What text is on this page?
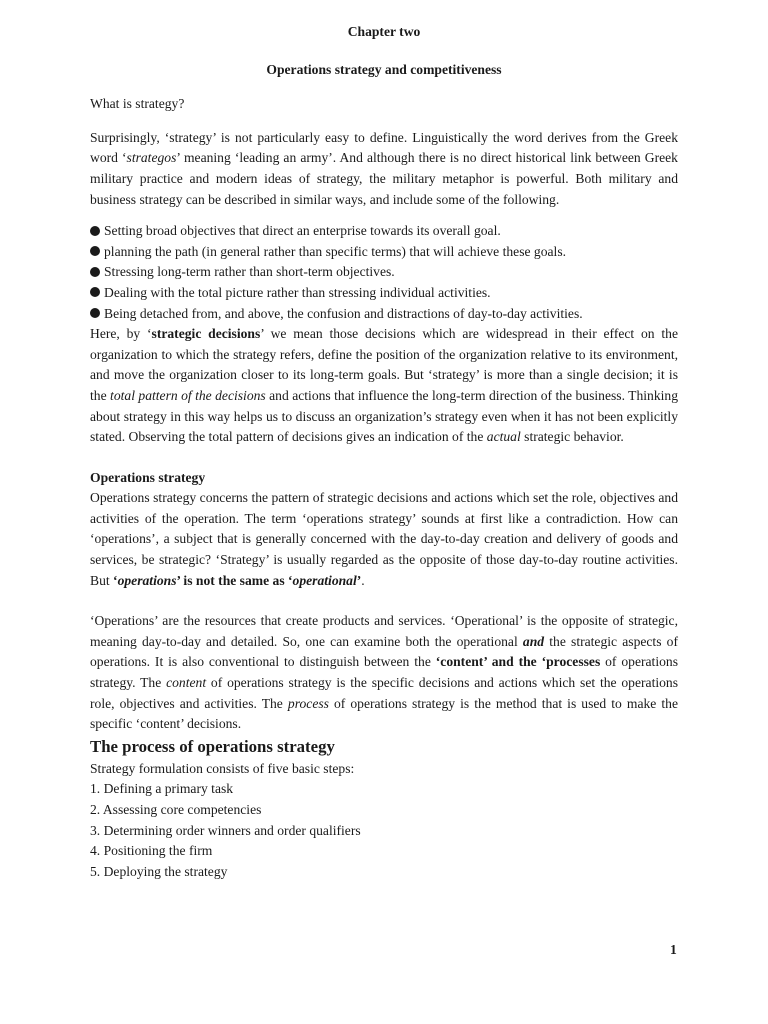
Chapter two
Operations strategy and competitiveness

What is strategy?

Surprisingly, ‘strategy’ is not particularly easy to define. Linguistically the word derives from the Greek word ‘strategos’ meaning ‘leading an army’. And although there is no direct historical link between Greek military practice and modern ideas of strategy, the military metaphor is powerful. Both military and business strategy can be described in similar ways, and include some of the following.

Setting broad objectives that direct an enterprise towards its overall goal.
planning the path (in general rather than specific terms) that will achieve these goals.
Stressing long-term rather than short-term objectives.
Dealing with the total picture rather than stressing individual activities.
Being detached from, and above, the confusion and distractions of day-to-day activities.

Here, by ‘strategic decisions’ we mean those decisions which are widespread in their effect on the organization to which the strategy refers, define the position of the organization relative to its environment, and move the organization closer to its long-term goals. But ‘strategy’ is more than a single decision; it is the total pattern of the decisions and actions that influence the long-term direction of the business. Thinking about strategy in this way helps us to discuss an organization’s strategy even when it has not been explicitly stated. Observing the total pattern of decisions gives an indication of the actual strategic behavior.

Operations strategy

Operations strategy concerns the pattern of strategic decisions and actions which set the role, objectives and activities of the operation. The term ‘operations strategy’ sounds at first like a contradiction. How can ‘operations’, a subject that is generally concerned with the day-to-day creation and delivery of goods and services, be strategic? ‘Strategy’ is usually regarded as the opposite of those day-to-day routine activities. But ‘operations’ is not the same as ‘operational’.

‘Operations’ are the resources that create products and services. ‘Operational’ is the opposite of strategic, meaning day-to-day and detailed. So, one can examine both the operational and the strategic aspects of operations. It is also conventional to distinguish between the ‘content’ and the ‘processes of operations strategy. The content of operations strategy is the specific decisions and actions which set the operations role, objectives and activities. The process of operations strategy is the method that is used to make the specific ‘content’ decisions.

The process of operations strategy

Strategy formulation consists of five basic steps:

1. Defining a primary task
2. Assessing core competencies
3. Determining order winners and order qualifiers
4. Positioning the firm
5. Deploying the strategy
1
